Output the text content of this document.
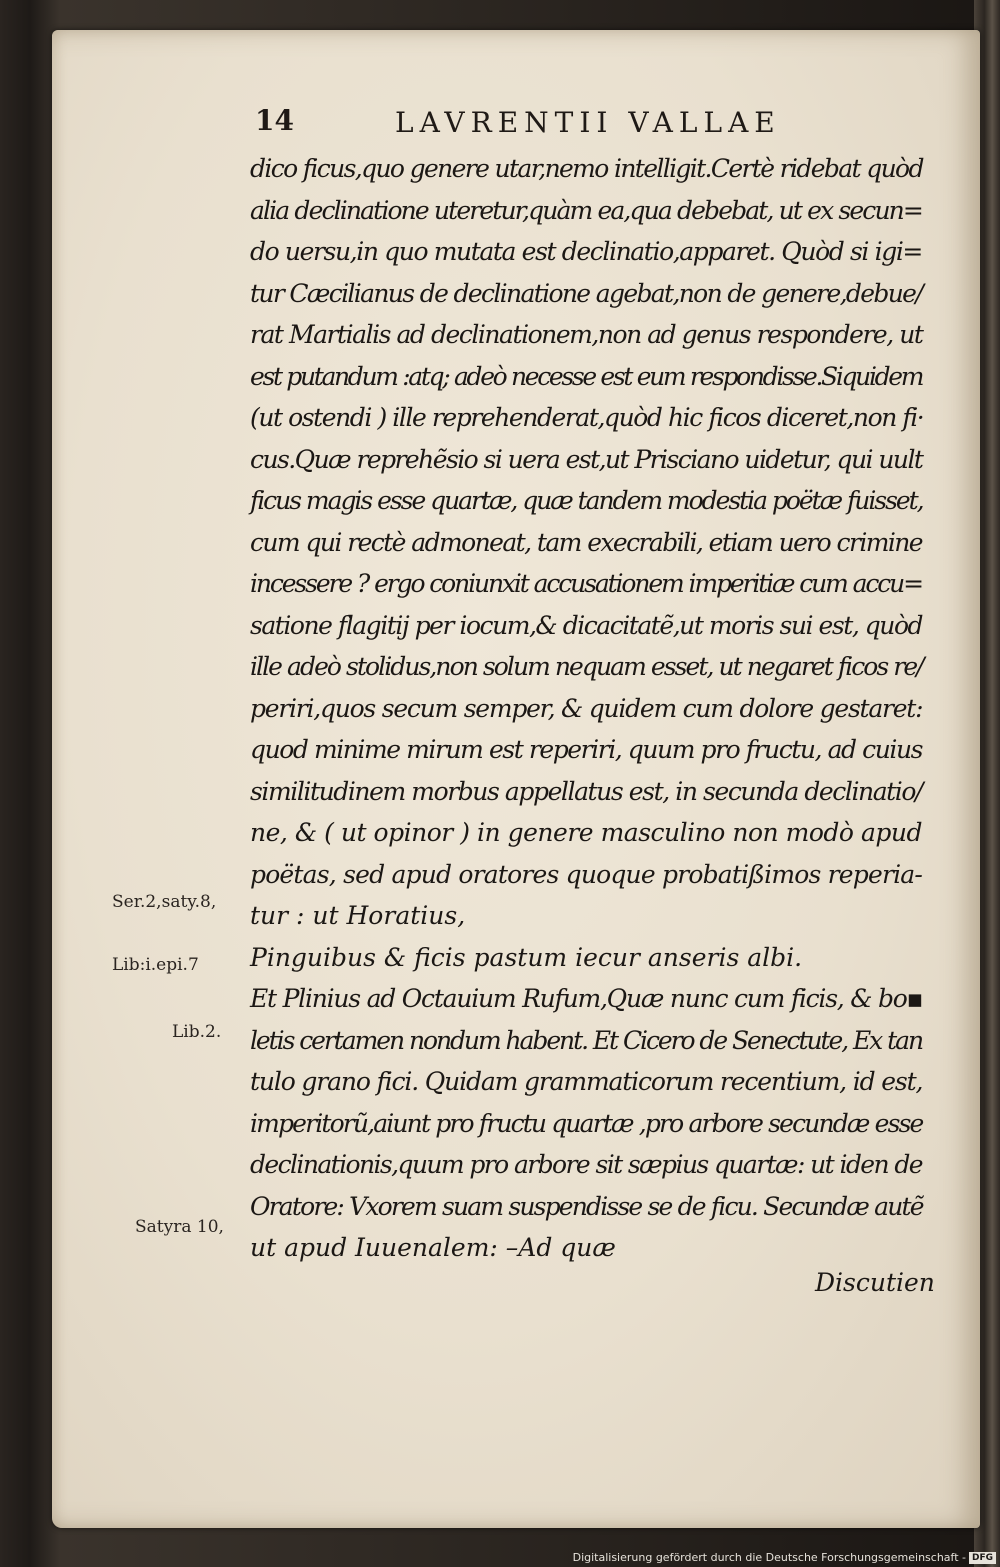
14	LAVRENTII VALLAE
dico ficus,quo genere utar,nemo intelligit.Certè ridebat quòd
alia declinatione uteretur,quàm ea,qua debebat, ut ex secun=
do uersu,in quo mutata est declinatio,apparet. Quòd si igi=
tur Cæcilianus de declinatione agebat,non de genere,debue/
rat Martialis ad declinationem,non ad genus respondere, ut
est putandum :atq; adeò necesse est eum respondisse.Siquidem
(ut ostendi ) ille reprehenderat,quòd hic ficos diceret,non fi·
cus.Quæ reprehẽsio si uera est,ut Prisciano uidetur, qui uult
ficus magis esse quartæ, quæ tandem modestia poëtæ fuisset,
cum qui rectè admoneat, tam execrabili, etiam uero crimine
incessere ? ergo coniunxit accusationem imperitiæ cum accu=
satione flagitij per iocum,& dicacitatẽ,ut moris sui est, quòd
ille adeò stolidus,non solum nequam esset, ut negaret ficos re/
periri,quos secum semper, & quidem cum dolore gestaret:
quod minime mirum est reperiri, quum pro fructu, ad cuius
similitudinem morbus appellatus est, in secunda declinatio/
ne, & ( ut opinor ) in genere masculino non modò apud
poëtas, sed apud oratores quoque probatißimos reperia-
tur : ut Horatius,
Pinguibus & ficis pastum iecur anseris albi.
Et Plinius ad Octauium Rufum,Quæ nunc cum ficis, & bo▪
letis certamen nondum habent. Et Cicero de Senectute, Ex tan
tulo grano fici. Quidam grammaticorum recentium, id est,
imperitorũ,aiunt pro fructu quartæ ,pro arbore secundæ esse
declinationis,quum pro arbore sit sæpius quartæ: ut iden de
Oratore: Vxorem suam suspendisse se de ficu. Secundæ autẽ
ut apud Iuuenalem: –Ad quæ
Discutien
Ser.2,saty.8,
Lib:i.epi.7
Lib.2.
Satyra 10,
Digitalisierung gefördert durch die Deutsche Forschungsgemeinschaft - DFG
